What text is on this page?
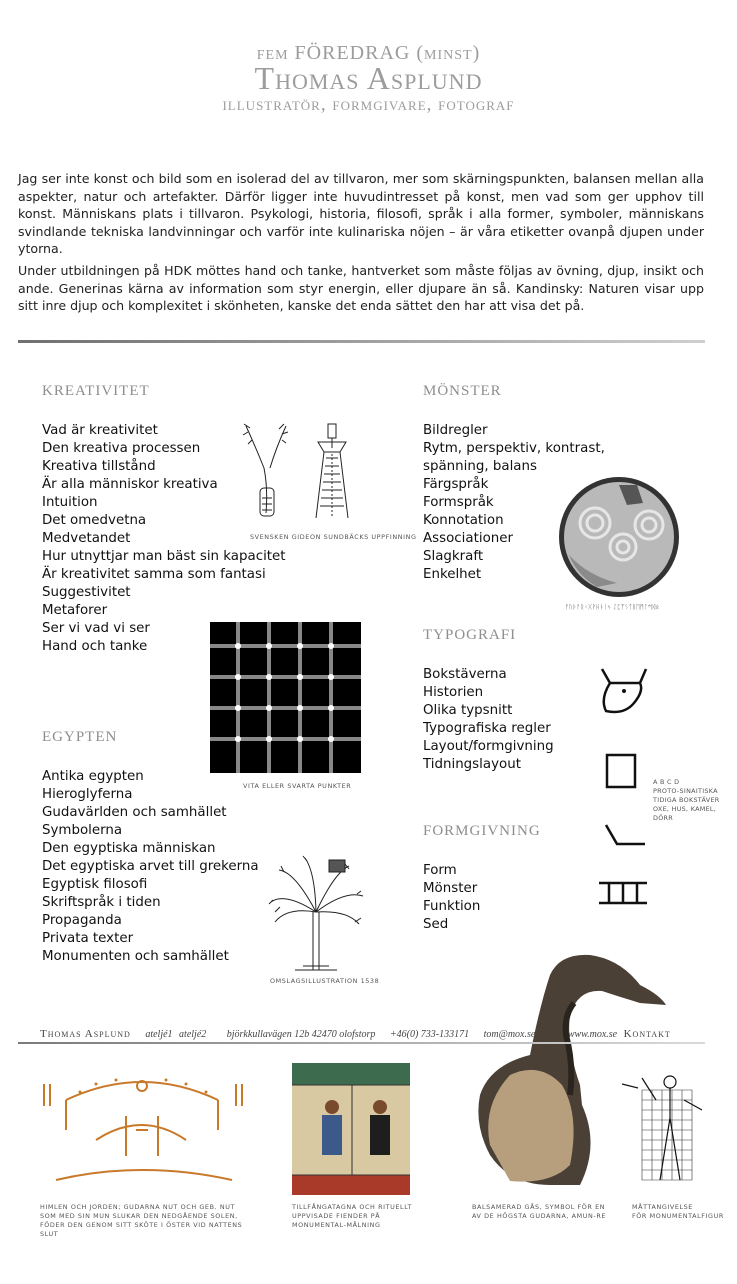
fem FÖREDRAG (minst)
Thomas Asplund
illustratör, formgivare, fotograf

Jag ser inte konst och bild som en isolerad del av tillvaron, mer som skärningspunkten, balansen mellan alla aspekter, natur och artefakter. Därför ligger inte huvudintresset på konst, men vad som ger upphov till konst. Människans plats i tillvaron. Psykologi, historia, filosofi, språk i alla former, symboler, människans svindlande tekniska landvinningar och varför inte kulinariska nöjen – är våra etiketter ovanpå djupen under ytorna.

Under utbildningen på HDK möttes hand och tanke, hantverket som måste följas av övning, djup, insikt och ande. Generinas kärna av information som styr energin, eller djupare än så. Kandinsky: Naturen visar upp sitt inre djup och komplexitet i skönheten, kanske det enda sättet den har att visa det på.

kreativitet
Vad är kreativitet
Den kreativa processen
Kreativa tillstånd
Är alla människor kreativa
Intuition
Det omedvetna
Medvetandet
Hur utnyttjar man bäst sin kapacitet
Är kreativitet samma som fantasi
Suggestivitet
Metaforer
Ser vi vad vi ser
Hand och tanke
SVENSKEN GIDEON SUNDBÄCKS UPPFINNING
VITA ELLER SVARTA PUNKTER
egypten
Antika egypten
Hieroglyferna
Gudavärlden och samhället
Symbolerna
Den egyptiska människan
Det egyptiska arvet till grekerna
Egyptisk filosofi
Skriftspråk i tiden
Propaganda
Privata texter
Monumenten och samhället
OMSLAGSILLUSTRATION 1538
mönster
Bildregler
Rytm, perspektiv, kontrast,
spänning, balans
Färgspråk
Formspråk
Konnotation
Associationer
Slagkraft
Enkelhet
ᚠᚢᚦᚨᚱᚲᚷᚹᚺᚾᛁᛃ ᛇᛈᛉᛊᛏᛒᛖᛗᛚᛜᛞᛟ
typografi
Bokstäverna
Historien
Olika typsnitt
Typografiska regler
Layout/formgivning
Tidningslayout
A B C D
PROTO-SINAITISKA
TIDIGA BOKSTÄVER
OXE, HUS, KAMEL, DÖRR
formgivning
Form
Mönster
Funktion
Sed
Thomas Asplund ateljé1 ateljé2 björkkullavägen 12b 42470 olofstorp +46(0) 733-133171 tom@mox.se	www.mox.se Kontakt
HIMLEN OCH JORDEN; GUDARNA NUT OCH GEB. NUT SOM MED SIN MUN SLUKAR DEN NEDGÅENDE SOLEN, FÖDER DEN GENOM SITT SKÖTE I ÖSTER VID NATTENS SLUT
TILLFÅNGATAGNA OCH RITUELLT UPPVISADE FIENDER PÅ MONUMENTAL-MÅLNING
BALSAMERAD GÅS, SYMBOL FÖR EN AV DE HÖGSTA GUDARNA, AMUN-RE
MÅTTANGIVELSE
FÖR MONUMENTALFIGUR
